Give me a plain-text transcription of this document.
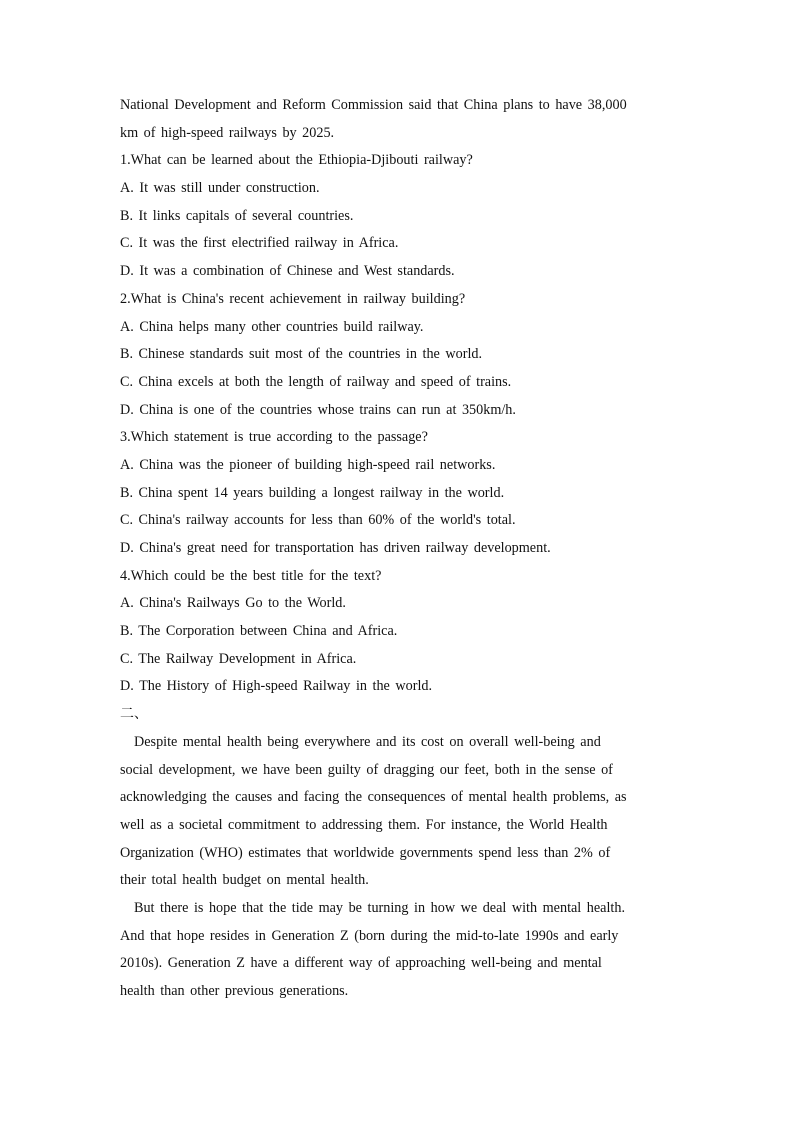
National Development and Reform Commission said that China plans to have 38,000
km of high-speed railways by 2025.
1.What can be learned about the Ethiopia-Djibouti railway?
A. It was still under construction.
B. It links capitals of several countries.
C. It was the first electrified railway in Africa.
D. It was a combination of Chinese and West standards.
2.What is China's recent achievement in railway building?
A. China helps many other countries build railway.
B. Chinese standards suit most of the countries in the world.
C. China excels at both the length of railway and speed of trains.
D. China is one of the countries whose trains can run at 350km/h.
3.Which statement is true according to the passage?
A. China was the pioneer of building high-speed rail networks.
B. China spent 14 years building a longest railway in the world.
C. China's railway accounts for less than 60% of the world's total.
D. China's great need for transportation has driven railway development.
4.Which could be the best title for the text?
A. China's Railways Go to the World.
B. The Corporation between China and Africa.
C. The Railway Development in Africa.
D. The History of High-speed Railway in the world.
二、
Despite mental health being everywhere and its cost on overall well-being and
social development, we have been guilty of dragging our feet, both in the sense of
acknowledging the causes and facing the consequences of mental health problems, as
well as a societal commitment to addressing them. For instance, the World Health
Organization (WHO) estimates that worldwide governments spend less than 2% of
their total health budget on mental health.
But there is hope that the tide may be turning in how we deal with mental health.
And that hope resides in Generation Z (born during the mid-to-late 1990s and early
2010s). Generation Z have a different way of approaching well-being and mental
health than other previous generations.
